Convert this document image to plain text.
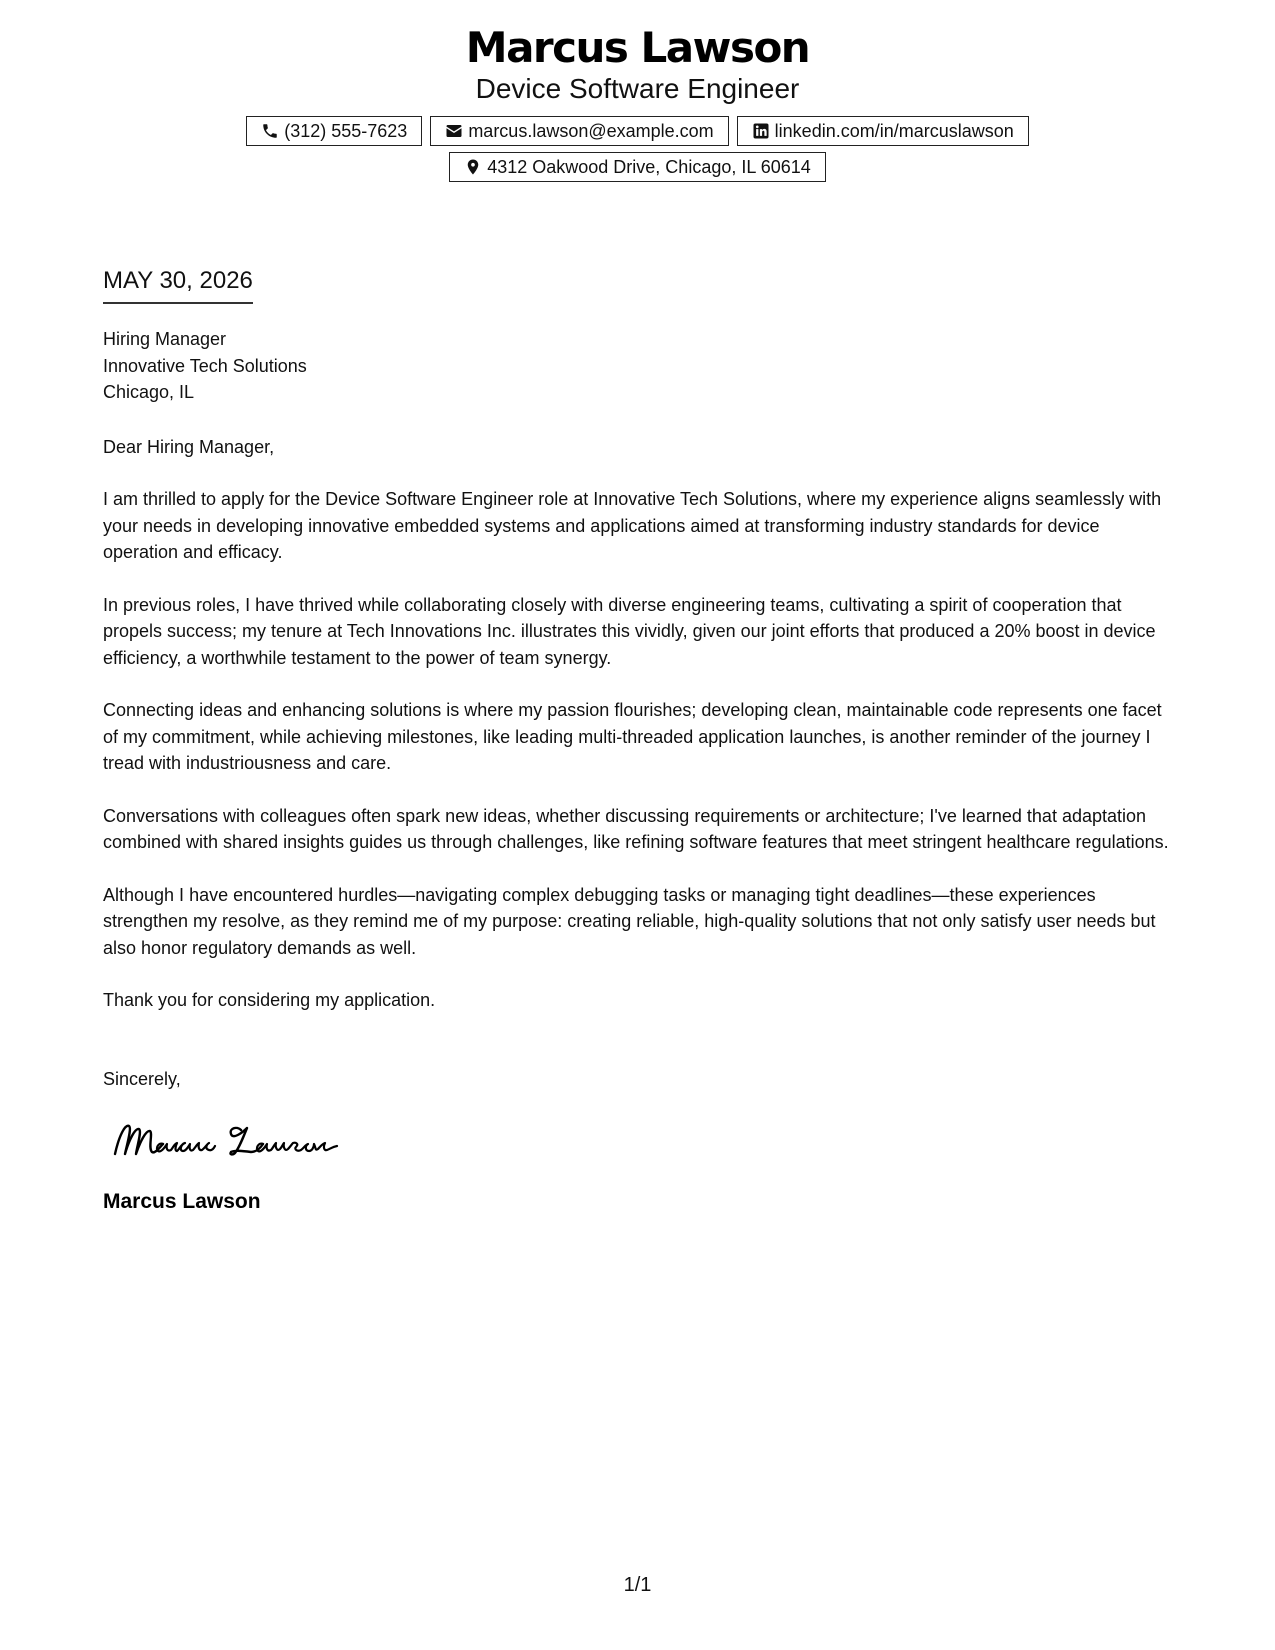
Marcus Lawson
Device Software Engineer
(312) 555-7623	marcus.lawson@example.com	linkedin.com/in/marcuslawson
4312 Oakwood Drive, Chicago, IL 60614
MAY 30, 2026
Hiring Manager
Innovative Tech Solutions
Chicago, IL
Dear Hiring Manager,
I am thrilled to apply for the Device Software Engineer role at Innovative Tech Solutions, where my experience aligns seamlessly with your needs in developing innovative embedded systems and applications aimed at transforming industry standards for device operation and efficacy.
In previous roles, I have thrived while collaborating closely with diverse engineering teams, cultivating a spirit of cooperation that propels success; my tenure at Tech Innovations Inc. illustrates this vividly, given our joint efforts that produced a 20% boost in device efficiency, a worthwhile testament to the power of team synergy.
Connecting ideas and enhancing solutions is where my passion flourishes; developing clean, maintainable code represents one facet of my commitment, while achieving milestones, like leading multi-threaded application launches, is another reminder of the journey I tread with industriousness and care.
Conversations with colleagues often spark new ideas, whether discussing requirements or architecture; I've learned that adaptation combined with shared insights guides us through challenges, like refining software features that meet stringent healthcare regulations.
Although I have encountered hurdles—navigating complex debugging tasks or managing tight deadlines—these experiences strengthen my resolve, as they remind me of my purpose: creating reliable, high-quality solutions that not only satisfy user needs but also honor regulatory demands as well.
Thank you for considering my application.
Sincerely,
Marcus Lawson
1/1
